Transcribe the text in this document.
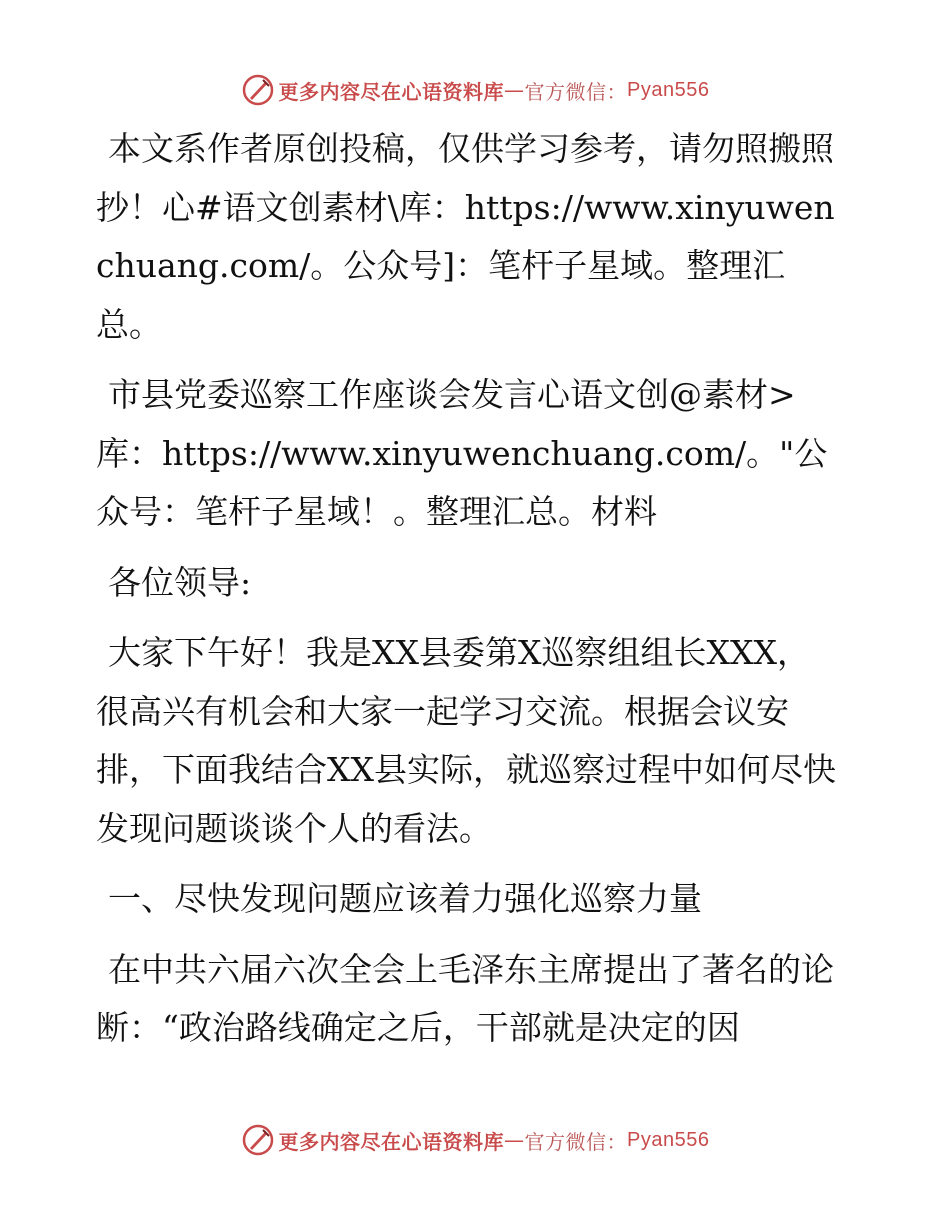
更多内容尽在心语资料库 — 官方微信： Pyan556

本文系作者原创投稿，仅供学习参考，请勿照搬照抄！心#语文创素材\库：https://www.xinyuwenchuang.com/。公众号]：笔杆子星域。整理汇总。

市县党委巡察工作座谈会发言心语文创@素材>库：https://www.xinyuwenchuang.com/。"公众号：笔杆子星域！。整理汇总。材料

各位领导:

大家下午好！我是XX县委第X巡察组组长XXX，很高兴有机会和大家一起学习交流。根据会议安排，下面我结合XX县实际，就巡察过程中如何尽快发现问题谈谈个人的看法。

一、尽快发现问题应该着力强化巡察力量

在中共六届六次全会上毛泽东主席提出了著名的论断：“政治路线确定之后，干部就是决定的因

更多内容尽在心语资料库 — 官方微信： Pyan556
